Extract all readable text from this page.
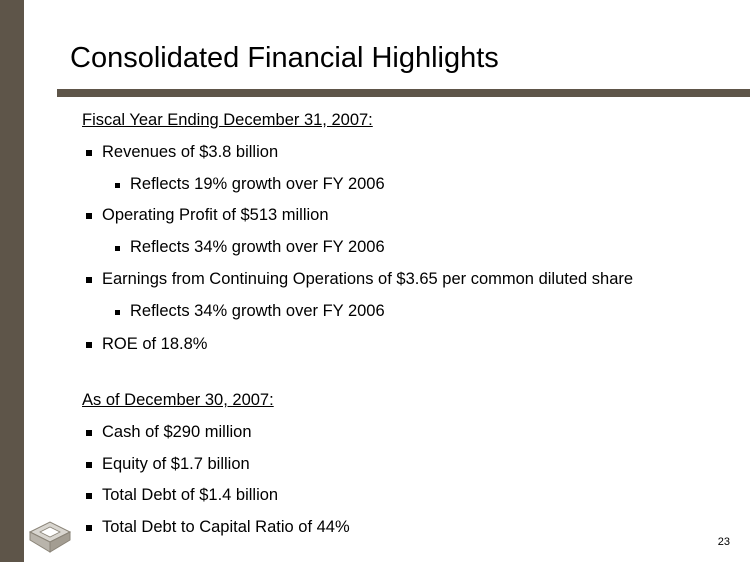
Consolidated Financial Highlights
Fiscal Year Ending December 31, 2007:
Revenues of $3.8 billion
Reflects 19% growth over FY 2006
Operating Profit of $513 million
Reflects 34% growth over FY 2006
Earnings from Continuing Operations of $3.65 per common diluted share
Reflects 34% growth over FY 2006
ROE of 18.8%
As of December 30, 2007:
Cash of $290 million
Equity of $1.7 billion
Total Debt of $1.4 billion
Total Debt to Capital Ratio of 44%
23
